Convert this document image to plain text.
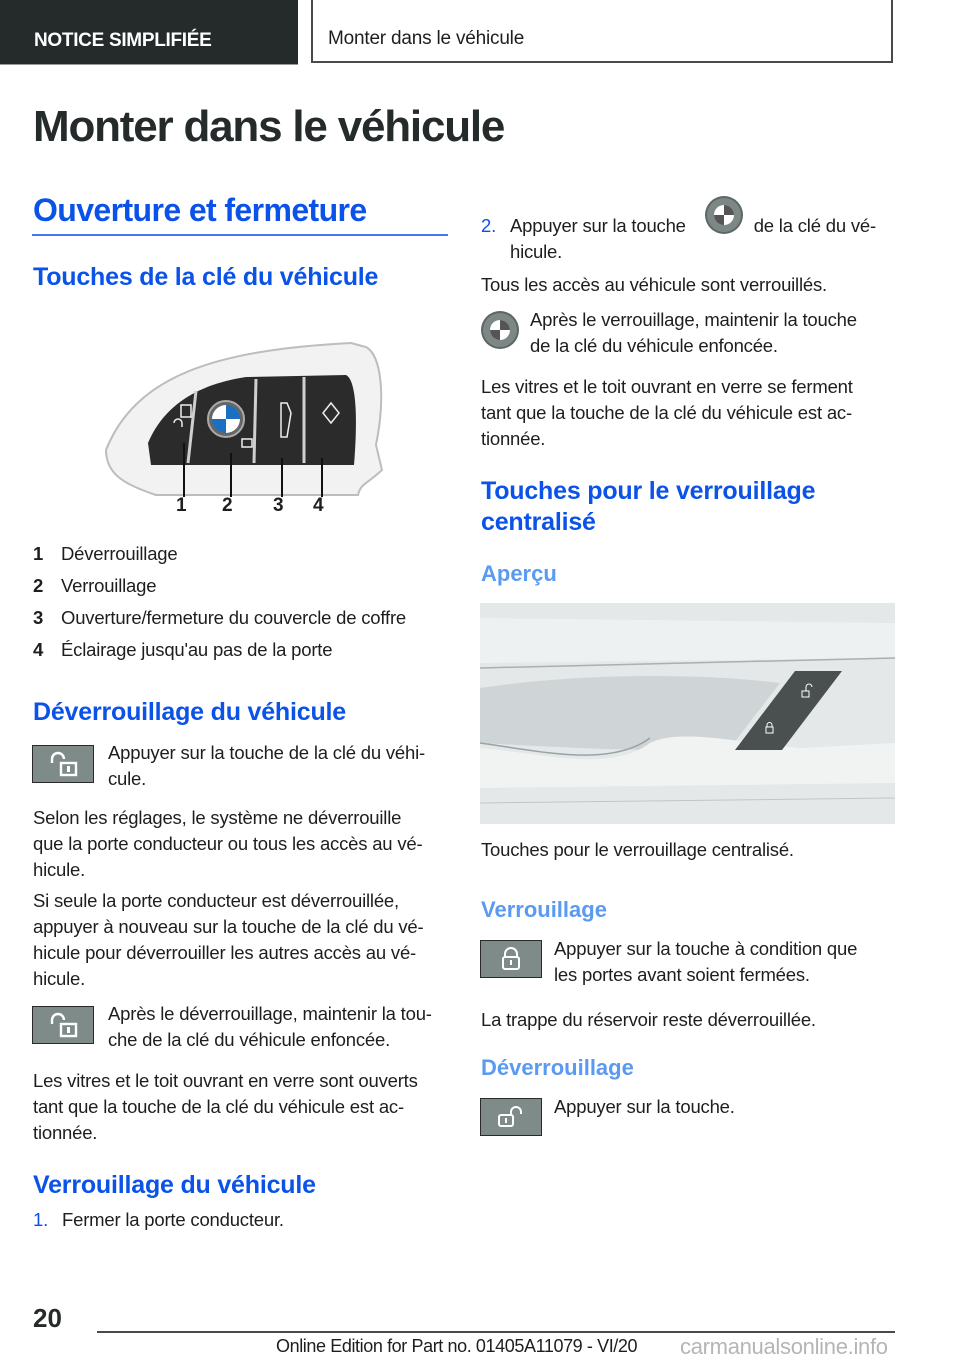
NOTICE SIMPLIFIÉE	Monter dans le véhicule
Monter dans le véhicule
Ouverture et fermeture
Touches de la clé du véhicule
1 2 3 4
1 Déverrouillage
2 Verrouillage
3 Ouverture/fermeture du couvercle de coffre
4 Éclairage jusqu'au pas de la porte
Déverrouillage du véhicule

Appuyer sur la touche de la clé du véhi-
cule.

Selon les réglages, le système ne déverrouille
que la porte conducteur ou tous les accès au vé-
hicule.

Si seule la porte conducteur est déverrouillée,
appuyer à nouveau sur la touche de la clé du vé-
hicule pour déverrouiller les autres accès au vé-
hicule.

Après le déverrouillage, maintenir la tou-
che de la clé du véhicule enfoncée.

Les vitres et le toit ouvrant en verre sont ouverts
tant que la touche de la clé du véhicule est ac-
tionnée.

Verrouillage du véhicule
1. Fermer la porte conducteur.
2. Appuyer sur la touche	de la clé du vé-
hicule.

Tous les accès au véhicule sont verrouillés.

Après le verrouillage, maintenir la touche
de la clé du véhicule enfoncée.

Les vitres et le toit ouvrant en verre se ferment
tant que la touche de la clé du véhicule est ac-
tionnée.

Touches pour le verrouillage
centralisé
Aperçu

Touches pour le verrouillage centralisé.

Verrouillage

Appuyer sur la touche à condition que
les portes avant soient fermées.

La trappe du réservoir reste déverrouillée.

Déverrouillage

Appuyer sur la touche.

20
Online Edition for Part no. 01405A11079 - VI/20 carmanualsonline.info
